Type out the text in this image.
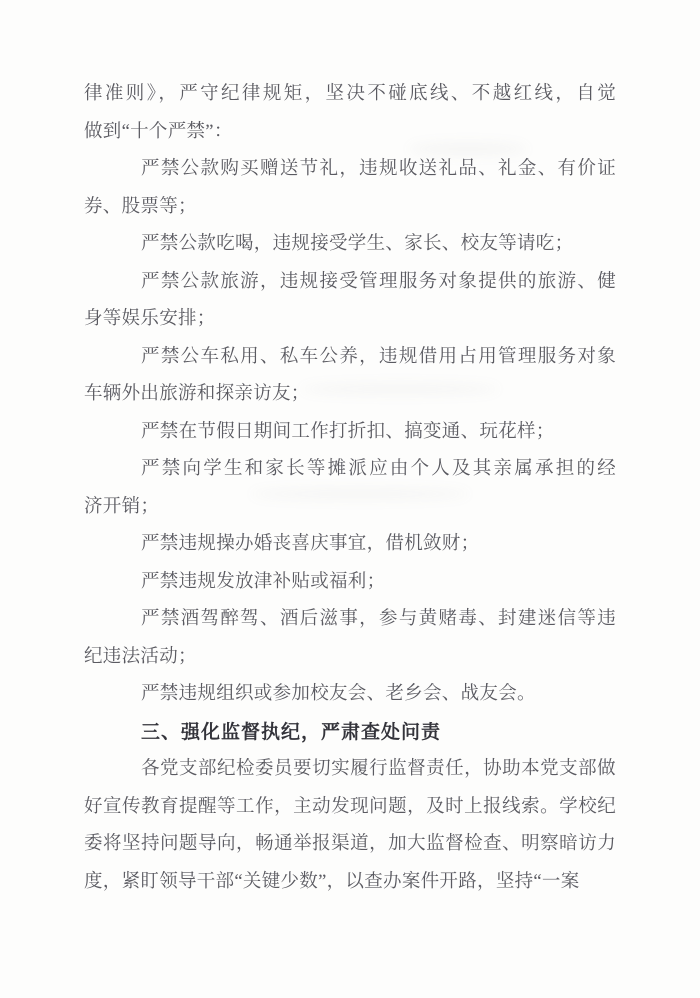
律准则》，严守纪律规矩，坚决不碰底线、不越红线，自觉
做到“十个严禁”：
严禁公款购买赠送节礼，违规收送礼品、礼金、有价证
券、股票等；
严禁公款吃喝，违规接受学生、家长、校友等请吃；
严禁公款旅游，违规接受管理服务对象提供的旅游、健
身等娱乐安排；
严禁公车私用、私车公养，违规借用占用管理服务对象
车辆外出旅游和探亲访友；
严禁在节假日期间工作打折扣、搞变通、玩花样；
严禁向学生和家长等摊派应由个人及其亲属承担的经
济开销；
严禁违规操办婚丧喜庆事宜，借机敛财；
严禁违规发放津补贴或福利；
严禁酒驾醉驾、酒后滋事，参与黄赌毒、封建迷信等违
纪违法活动；
严禁违规组织或参加校友会、老乡会、战友会。
三、强化监督执纪，严肃查处问责
各党支部纪检委员要切实履行监督责任，协助本党支部做
好宣传教育提醒等工作，主动发现问题，及时上报线索。学校纪
委将坚持问题导向，畅通举报渠道，加大监督检查、明察暗访力
度，紧盯领导干部“关键少数”，以查办案件开路，坚持“一案
